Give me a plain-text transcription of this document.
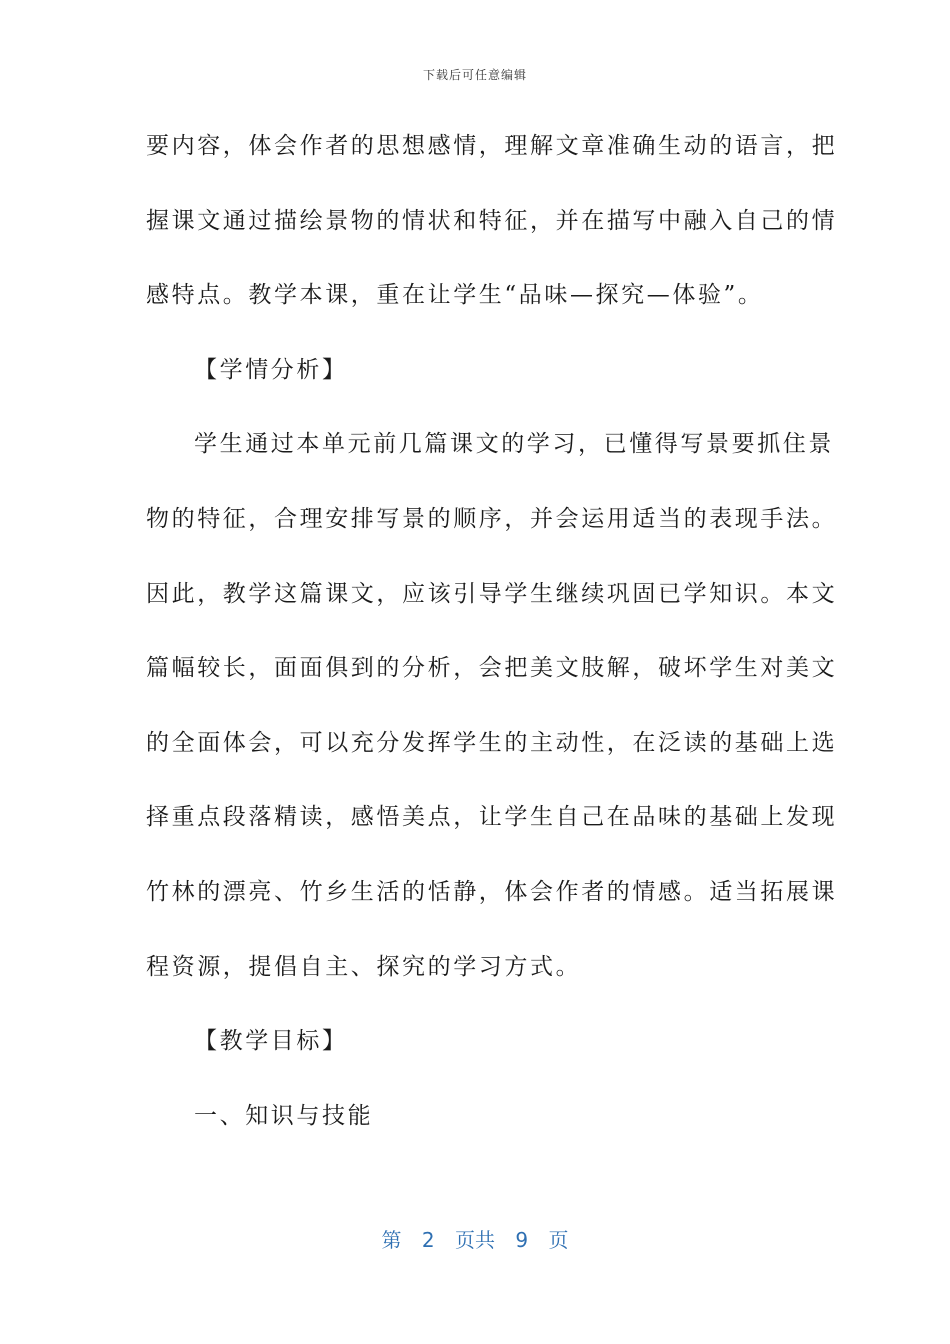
下载后可任意编辑
要内容，体会作者的思想感情，理解文章准确生动的语言，把
握课文通过描绘景物的情状和特征，并在描写中融入自己的情
感特点。教学本课，重在让学生“品味—探究—体验”。
【学情分析】
学生通过本单元前几篇课文的学习，已懂得写景要抓住景
物的特征，合理安排写景的顺序，并会运用适当的表现手法。
因此，教学这篇课文，应该引导学生继续巩固已学知识。本文
篇幅较长，面面俱到的分析，会把美文肢解，破坏学生对美文
的全面体会，可以充分发挥学生的主动性，在泛读的基础上选
择重点段落精读，感悟美点，让学生自己在品味的基础上发现
竹林的漂亮、竹乡生活的恬静，体会作者的情感。适当拓展课
程资源，提倡自主、探究的学习方式。
【教学目标】
一、知识与技能
第 2 页共 9 页
